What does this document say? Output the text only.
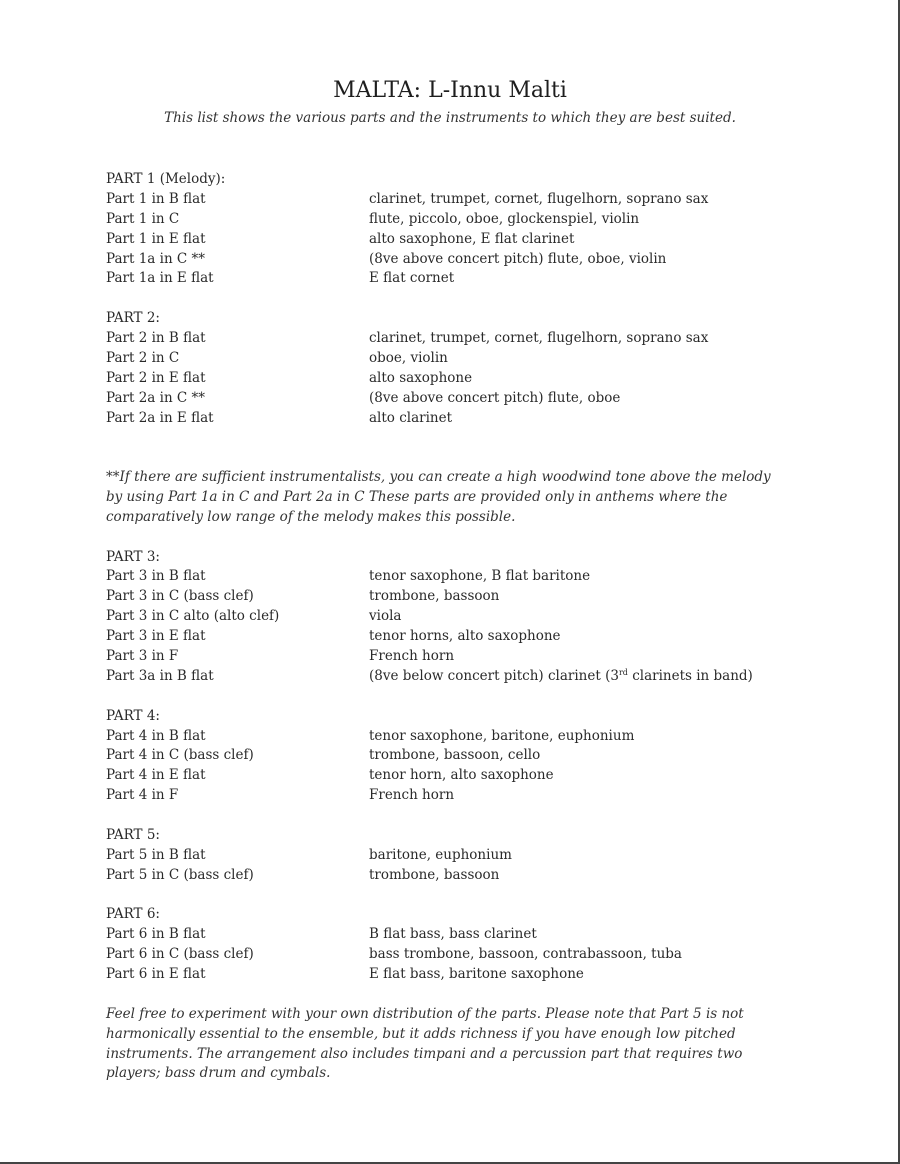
MALTA: L-Innu Malti
This list shows the various parts and the instruments to which they are best suited.
PART 1 (Melody):
Part 1 in B flat	clarinet, trumpet, cornet, flugelhorn, soprano sax
Part 1 in C	flute, piccolo, oboe, glockenspiel, violin
Part 1 in E flat	alto saxophone, E flat clarinet
Part 1a in C **	(8ve above concert pitch) flute, oboe, violin
Part 1a in E flat	E flat cornet
PART 2:
Part 2 in B flat	clarinet, trumpet, cornet, flugelhorn, soprano sax
Part 2 in C	oboe, violin
Part 2 in E flat	alto saxophone
Part 2a in C **	(8ve above concert pitch) flute, oboe
Part 2a in E flat	alto clarinet
**If there are sufficient instrumentalists, you can create a high woodwind tone above the melody
by using Part 1a in C and Part 2a in C These parts are provided only in anthems where the
comparatively low range of the melody makes this possible.
PART 3:
Part 3 in B flat	tenor saxophone, B flat baritone
Part 3 in C (bass clef)	trombone, bassoon
Part 3 in C alto (alto clef)	viola
Part 3 in E flat	tenor horns, alto saxophone
Part 3 in F	French horn
Part 3a in B flat	(8ve below concert pitch) clarinet (3rd clarinets in band)
PART 4:
Part 4 in B flat	tenor saxophone, baritone, euphonium
Part 4 in C (bass clef)	trombone, bassoon, cello
Part 4 in E flat	tenor horn, alto saxophone
Part 4 in F	French horn
PART 5:
Part 5 in B flat	baritone, euphonium
Part 5 in C (bass clef)	trombone, bassoon
PART 6:
Part 6 in B flat	B flat bass, bass clarinet
Part 6 in C (bass clef)	bass trombone, bassoon, contrabassoon, tuba
Part 6 in E flat	E flat bass, baritone saxophone
Feel free to experiment with your own distribution of the parts. Please note that Part 5 is not
harmonically essential to the ensemble, but it adds richness if you have enough low pitched
instruments. The arrangement also includes timpani and a percussion part that requires two
players; bass drum and cymbals.
